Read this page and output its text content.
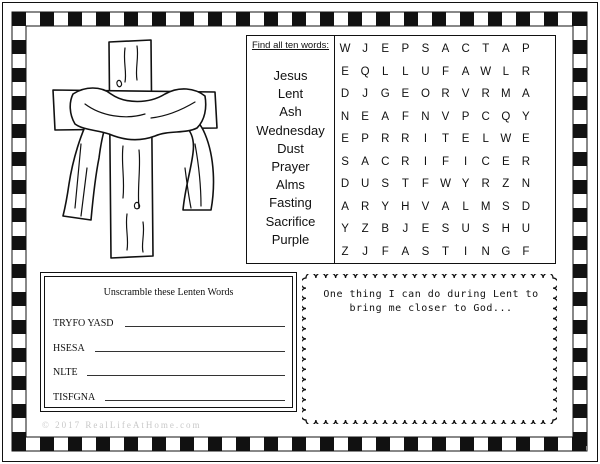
Find all ten words:
Jesus
Lent
Ash
Wednesday
Dust
Prayer
Alms
Fasting
Sacrifice
Purple
W	J	E	P	S	A	C	T	A	P
E	Q	L	L	U	F	A	W	L	R
D	J	G	E	O	R	V	R	M	A
N	E	A	F	N	V	P	C	Q	Y
E	P	R	R	I	T	E	L	W	E
S	A	C	R	I	F	I	C	E	R
D	U	S	T	F	W	Y	R	Z	N
A	R	Y	H	V	A	L	M	S	D
Y	Z	B	J	E	S	U	S	H	U
Z	J	F	A	S	T	I	N	G	F
Unscramble these Lenten Words
TRYFO YASD
HSESA
NLTE
TISFGNA
One thing I can do during Lent to
bring me closer to God...
© 2017 RealLifeAtHome.com
